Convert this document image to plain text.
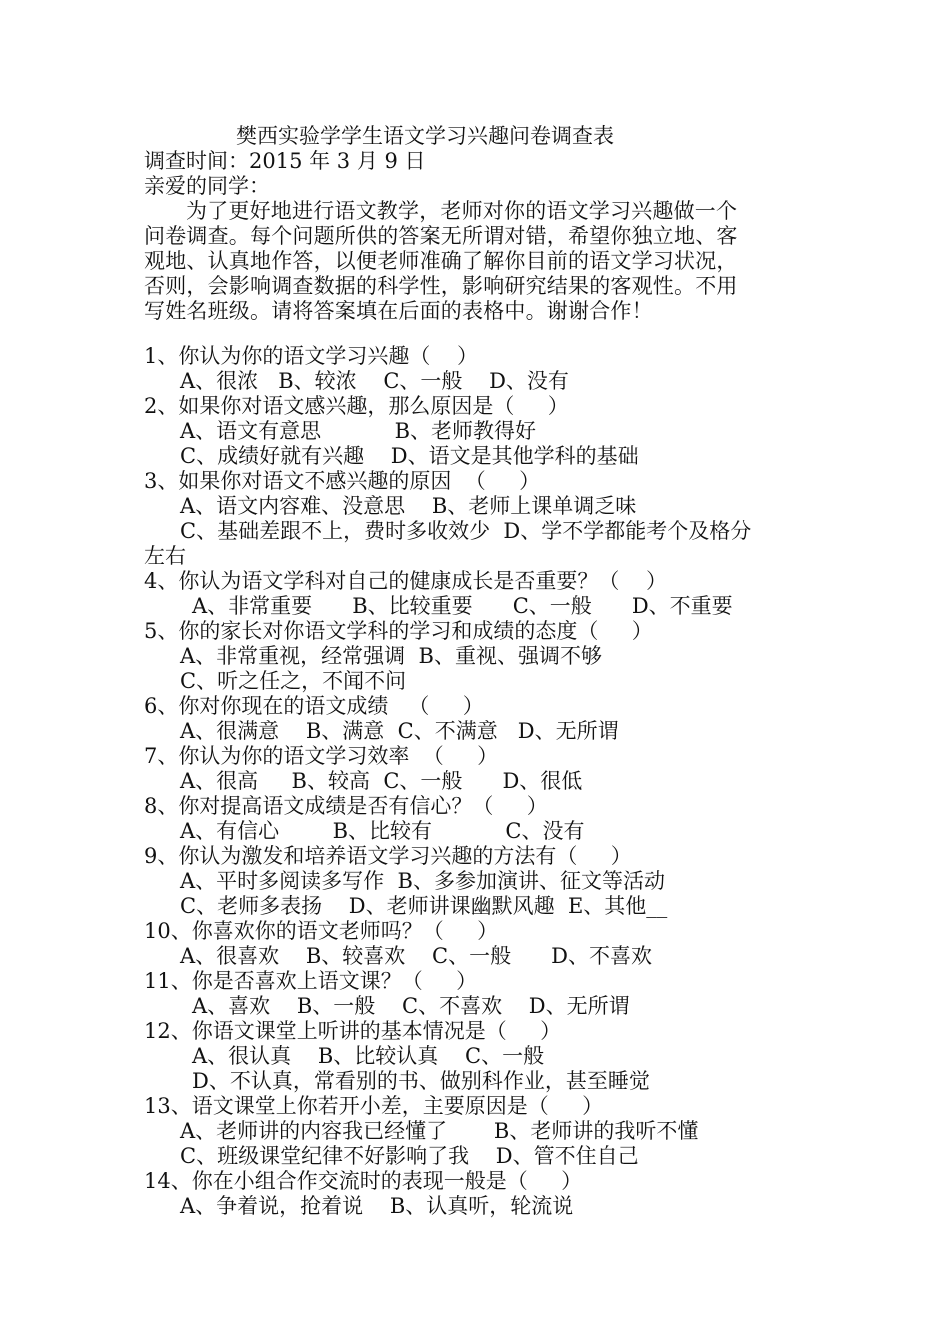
樊西实验学学生语文学习兴趣问卷调查表
调查时间：2015 年 3 月 9 日
亲爱的同学：
为了更好地进行语文教学，老师对你的语文学习兴趣做一个
问卷调查。每个问题所供的答案无所谓对错，希望你独立地、客
观地、认真地作答，以便老师准确了解你目前的语文学习状况，
否则，会影响调查数据的科学性，影响研究结果的客观性。不用
写姓名班级。请将答案填在后面的表格中。谢谢合作！
1、你认为你的语文学习兴趣（    ）
A、很浓   B、较浓    C、一般    D、没有
2、如果你对语文感兴趣，那么原因是（     ）
A、语文有意思           B、老师教得好
C、成绩好就有兴趣    D、语文是其他学科的基础
3、如果你对语文不感兴趣的原因  （     ）
A、语文内容难、没意思    B、老师上课单调乏味
C、基础差跟不上，费时多收效少  D、学不学都能考个及格分
左右
4、你认为语文学科对自己的健康成长是否重要？（    ）
A、非常重要      B、比较重要      C、一般      D、不重要
5、你的家长对你语文学科的学习和成绩的态度（     ）
A、非常重视，经常强调  B、重视、强调不够
C、听之任之，不闻不问
6、你对你现在的语文成绩   （     ）
A、很满意    B、满意  C、不满意   D、无所谓
7、你认为你的语文学习效率  （     ）
A、很高     B、较高  C、一般      D、很低
8、你对提高语文成绩是否有信心？（     ）
A、有信心        B、比较有           C、没有
9、你认为激发和培养语文学习兴趣的方法有（     ）
A、平时多阅读多写作  B、多参加演讲、征文等活动
C、老师多表扬    D、老师讲课幽默风趣  E、其他__
10、你喜欢你的语文老师吗？（     ）
A、很喜欢    B、较喜欢    C、一般      D、不喜欢
11、你是否喜欢上语文课？（     ）
A、喜欢    B、一般    C、不喜欢    D、无所谓
12、你语文课堂上听讲的基本情况是（     ）
A、很认真    B、比较认真    C、一般
D、不认真，常看别的书、做别科作业，甚至睡觉
13、语文课堂上你若开小差，主要原因是（     ）
A、老师讲的内容我已经懂了       B、老师讲的我听不懂
C、班级课堂纪律不好影响了我    D、管不住自己
14、你在小组合作交流时的表现一般是（     ）
A、争着说，抢着说    B、认真听，轮流说
